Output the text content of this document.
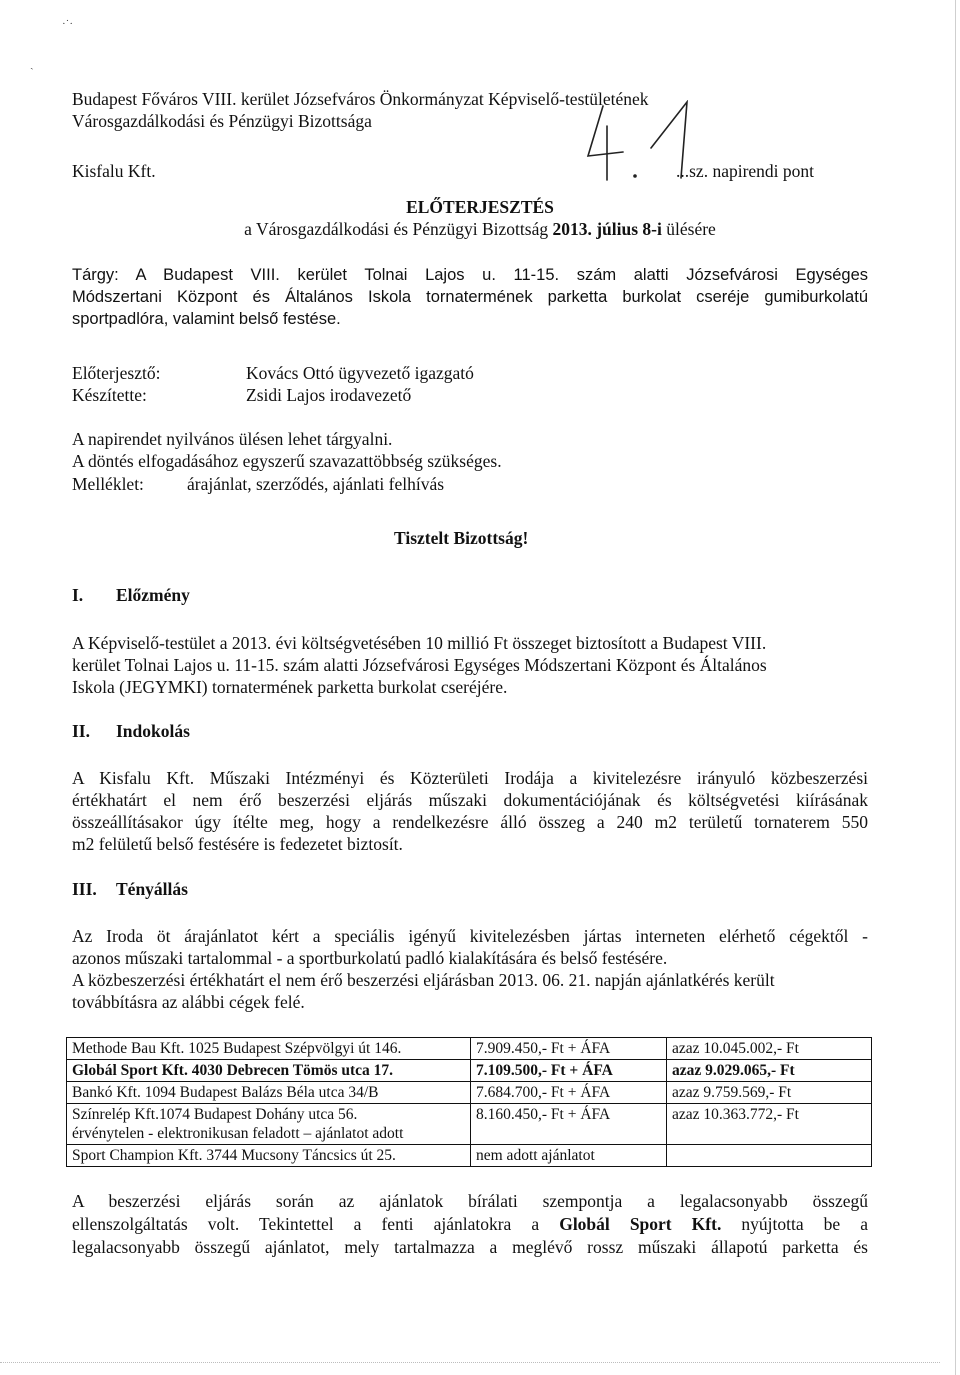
·˙·
ˏ
Budapest Főváros VIII. kerület Józsefváros Önkormányzat Képviselő-testületének
Városgazdálkodási és Pénzügyi Bizottsága
Kisfalu Kft.	...sz. napirendi pont
ELŐTERJESZTÉS
a Városgazdálkodási és Pénzügyi Bizottság 2013. július 8-i ülésére
Tárgy: A Budapest VIII. kerület Tolnai Lajos u. 11-15. szám alatti Józsefvárosi Egységes
Módszertani Központ és Általános Iskola tornatermének parketta burkolat cseréje gumiburkolatú
sportpadlóra, valamint belső festése.
Előterjesztő:	Kovács Ottó ügyvezető igazgató
Készítette:	Zsidi Lajos irodavezető
A napirendet nyilvános ülésen lehet tárgyalni.
A döntés elfogadásához egyszerű szavazattöbbség szükséges.
Melléklet: árajánlat, szerződés, ajánlati felhívás
Tisztelt Bizottság!
I. Előzmény
A Képviselő-testület a 2013. évi költségvetésében 10 millió Ft összeget biztosított a Budapest VIII.
kerület Tolnai Lajos u. 11-15. szám alatti Józsefvárosi Egységes Módszertani Központ és Általános
Iskola (JEGYMKI) tornatermének parketta burkolat cseréjére.
II. Indokolás
A Kisfalu Kft. Műszaki Intézményi és Közterületi Irodája a kivitelezésre irányuló közbeszerzési
értékhatárt el nem érő beszerzési eljárás műszaki dokumentációjának és költségvetési kiírásának
összeállításakor úgy ítélte meg, hogy a rendelkezésre álló összeg a 240 m2 területű tornaterem 550
m2 felületű belső festésére is fedezetet biztosít.
III. Tényállás
Az Iroda öt árajánlatot kért a speciális igényű kivitelezésben jártas interneten elérhető cégektől -
azonos műszaki tartalommal - a sportburkolatú padló kialakítására és belső festésére.
A közbeszerzési értékhatárt el nem érő beszerzési eljárásban 2013. 06. 21. napján ajánlatkérés került
továbbításra az alábbi cégek felé.
Methode Bau Kft. 1025 Budapest Szépvölgyi út 146.	7.909.450,- Ft + ÁFA	azaz 10.045.002,- Ft
Globál Sport Kft. 4030 Debrecen Tömös utca 17.	7.109.500,- Ft + ÁFA	azaz 9.029.065,- Ft
Bankó Kft. 1094 Budapest Balázs Béla utca 34/B	7.684.700,- Ft + ÁFA	azaz 9.759.569,- Ft
Színrelép Kft.1074 Budapest Dohány utca 56.
érvénytelen - elektronikusan feladott – ajánlatot adott	8.160.450,- Ft + ÁFA	azaz 10.363.772,- Ft
Sport Champion Kft. 3744 Mucsony Táncsics út 25.	nem adott ajánlatot	
A beszerzési eljárás során az ajánlatok bírálati szempontja a legalacsonyabb összegű
ellenszolgáltatás volt. Tekintettel a fenti ajánlatokra a Globál Sport Kft. nyújtotta be a
legalacsonyabb összegű ajánlatot, mely tartalmazza a meglévő rossz műszaki állapotú parketta és
